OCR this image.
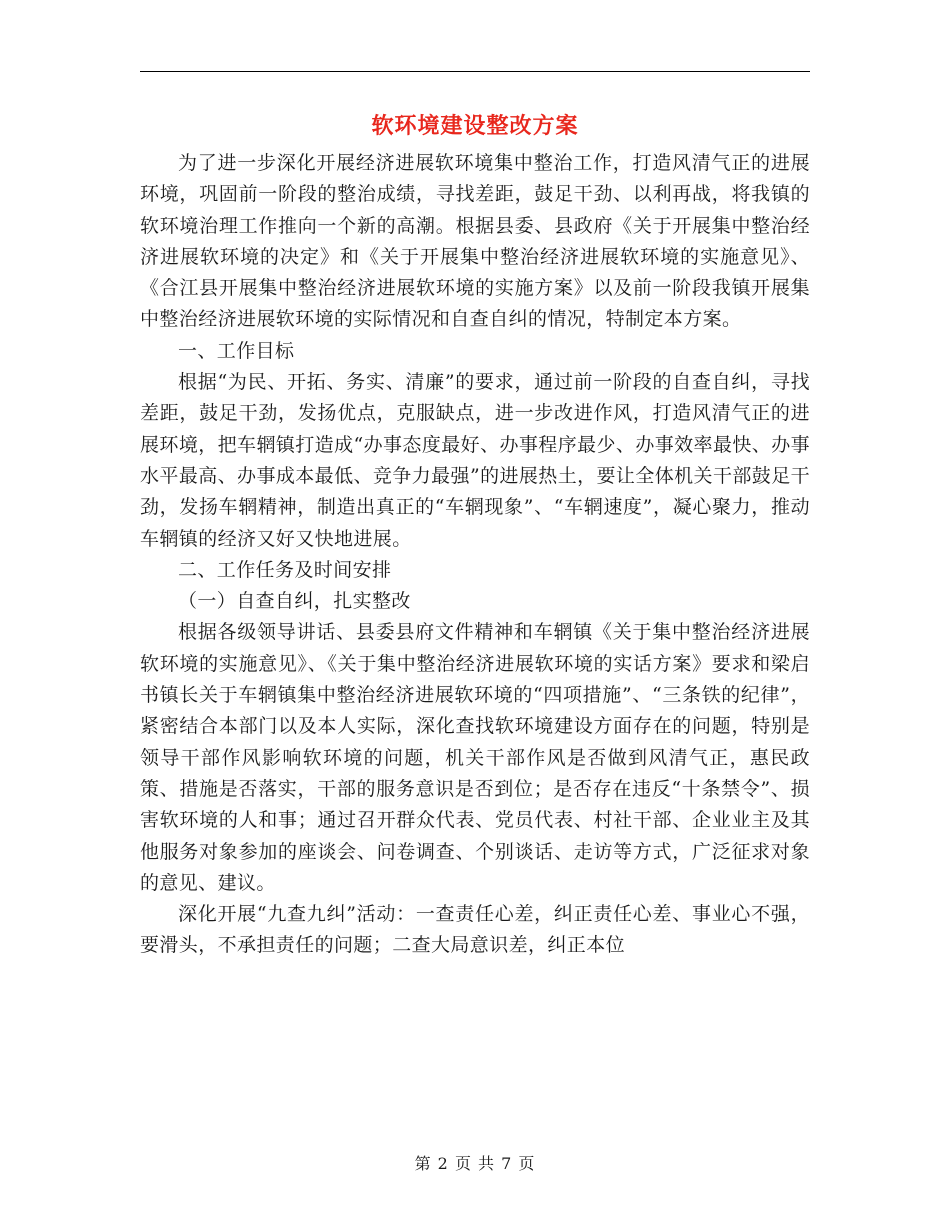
软环境建设整改方案

为了进一步深化开展经济进展软环境集中整治工作，打造风清气正的进展环境，巩固前一阶段的整治成绩，寻找差距，鼓足干劲、以利再战，将我镇的软环境治理工作推向一个新的高潮。根据县委、县政府《关于开展集中整治经济进展软环境的决定》和《关于开展集中整治经济进展软环境的实施意见》、《合江县开展集中整治经济进展软环境的实施方案》以及前一阶段我镇开展集中整治经济进展软环境的实际情况和自查自纠的情况，特制定本方案。

一、工作目标

根据“为民、开拓、务实、清廉”的要求，通过前一阶段的自查自纠，寻找差距，鼓足干劲，发扬优点，克服缺点，进一步改进作风，打造风清气正的进展环境，把车辋镇打造成“办事态度最好、办事程序最少、办事效率最快、办事水平最高、办事成本最低、竞争力最强”的进展热土，要让全体机关干部鼓足干劲，发扬车辋精神，制造出真正的“车辋现象”、“车辋速度”，凝心聚力，推动车辋镇的经济又好又快地进展。

二、工作任务及时间安排

（一）自查自纠，扎实整改

根据各级领导讲话、县委县府文件精神和车辋镇《关于集中整治经济进展软环境的实施意见》、《关于集中整治经济进展软环境的实话方案》要求和梁启书镇长关于车辋镇集中整治经济进展软环境的“四项措施”、“三条铁的纪律”，紧密结合本部门以及本人实际，深化查找软环境建设方面存在的问题，特别是领导干部作风影响软环境的问题，机关干部作风是否做到风清气正，惠民政策、措施是否落实，干部的服务意识是否到位；是否存在违反“十条禁令”、损害软环境的人和事；通过召开群众代表、党员代表、村社干部、企业业主及其他服务对象参加的座谈会、问卷调查、个别谈话、走访等方式，广泛征求对象的意见、建议。

深化开展“九查九纠”活动：一查责任心差，纠正责任心差、事业心不强，要滑头，不承担责任的问题；二查大局意识差，纠正本位

第 2 页 共 7 页
